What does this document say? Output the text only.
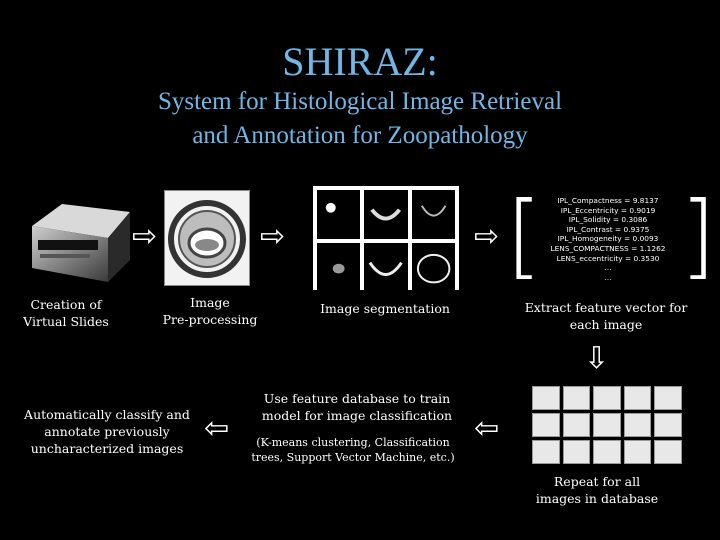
SHIRAZ:
System for Histological Image Retrieval
and Annotation for Zoopathology
⇨	⇨	⇨ [	IPL_Compactness = 9.8137
IPL_Eccentricity = 0.9019
IPL_Solidity = 0.3086
IPL_Contrast = 0.9375
IPL_Homogeneity = 0.0093
LENS_COMPACTNESS = 1.1262
LENS_eccentricity = 0.3530
…
… ]
Creation of
Virtual Slides
Image
Pre-processing
Image segmentation	Extract feature vector for
each image
⇩
Repeat for all
images in database
⇦
Use feature database to train
model for image classification
(K-means clustering, Classification
trees, Support Vector Machine, etc.)
⇦
Automatically classify and
annotate previously
uncharacterized images
